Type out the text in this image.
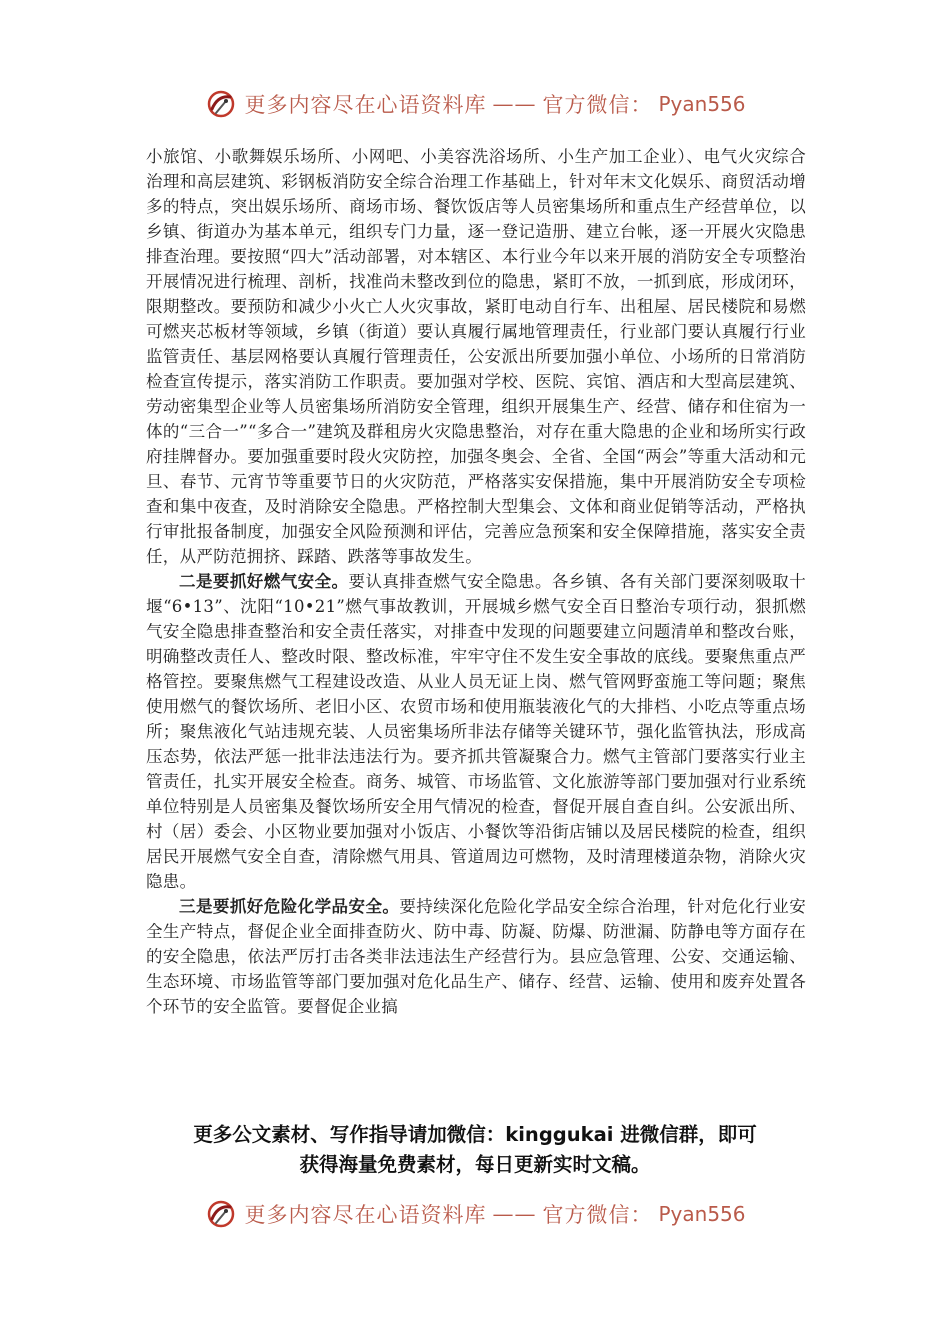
更多内容尽在心语资料库 —— 官方微信： Pyan556

小旅馆、小歌舞娱乐场所、小网吧、小美容洗浴场所、小生产加工企业）、电气火灾综合治理和高层建筑、彩钢板消防安全综合治理工作基础上，针对年末文化娱乐、商贸活动增多的特点，突出娱乐场所、商场市场、餐饮饭店等人员密集场所和重点生产经营单位，以乡镇、街道办为基本单元，组织专门力量，逐一登记造册、建立台帐，逐一开展火灾隐患排查治理。要按照“四大”活动部署，对本辖区、本行业今年以来开展的消防安全专项整治开展情况进行梳理、剖析，找准尚未整改到位的隐患，紧盯不放，一抓到底，形成闭环，限期整改。要预防和减少小火亡人火灾事故，紧盯电动自行车、出租屋、居民楼院和易燃可燃夹芯板材等领域，乡镇（街道）要认真履行属地管理责任，行业部门要认真履行行业监管责任、基层网格要认真履行管理责任，公安派出所要加强小单位、小场所的日常消防检查宣传提示，落实消防工作职责。要加强对学校、医院、宾馆、酒店和大型高层建筑、劳动密集型企业等人员密集场所消防安全管理，组织开展集生产、经营、储存和住宿为一体的“三合一”“多合一”建筑及群租房火灾隐患整治，对存在重大隐患的企业和场所实行政府挂牌督办。要加强重要时段火灾防控，加强冬奥会、全省、全国“两会”等重大活动和元旦、春节、元宵节等重要节日的火灾防范，严格落实安保措施，集中开展消防安全专项检查和集中夜查，及时消除安全隐患。严格控制大型集会、文体和商业促销等活动，严格执行审批报备制度，加强安全风险预测和评估，完善应急预案和安全保障措施，落实安全责任，从严防范拥挤、踩踏、跌落等事故发生。

二是要抓好燃气安全。要认真排查燃气安全隐患。各乡镇、各有关部门要深刻吸取十堰“6•13”、沈阳“10•21”燃气事故教训，开展城乡燃气安全百日整治专项行动，狠抓燃气安全隐患排查整治和安全责任落实，对排查中发现的问题要建立问题清单和整改台账，明确整改责任人、整改时限、整改标准，牢牢守住不发生安全事故的底线。要聚焦重点严格管控。要聚焦燃气工程建设改造、从业人员无证上岗、燃气管网野蛮施工等问题；聚焦使用燃气的餐饮场所、老旧小区、农贸市场和使用瓶装液化气的大排档、小吃点等重点场所；聚焦液化气站违规充装、人员密集场所非法存储等关键环节，强化监管执法，形成高压态势，依法严惩一批非法违法行为。要齐抓共管凝聚合力。燃气主管部门要落实行业主管责任，扎实开展安全检查。商务、城管、市场监管、文化旅游等部门要加强对行业系统单位特别是人员密集及餐饮场所安全用气情况的检查，督促开展自查自纠。公安派出所、村（居）委会、小区物业要加强对小饭店、小餐饮等沿街店铺以及居民楼院的检查，组织居民开展燃气安全自查，清除燃气用具、管道周边可燃物，及时清理楼道杂物，消除火灾隐患。

三是要抓好危险化学品安全。要持续深化危险化学品安全综合治理，针对危化行业安全生产特点，督促企业全面排查防火、防中毒、防凝、防爆、防泄漏、防静电等方面存在的安全隐患，依法严厉打击各类非法违法生产经营行为。县应急管理、公安、交通运输、生态环境、市场监管等部门要加强对危化品生产、储存、经营、运输、使用和废弃处置各个环节的安全监管。要督促企业搞

更多公文素材、写作指导请加微信：kinggukai 进微信群，即可
获得海量免费素材，每日更新实时文稿。
更多内容尽在心语资料库 —— 官方微信： Pyan556
